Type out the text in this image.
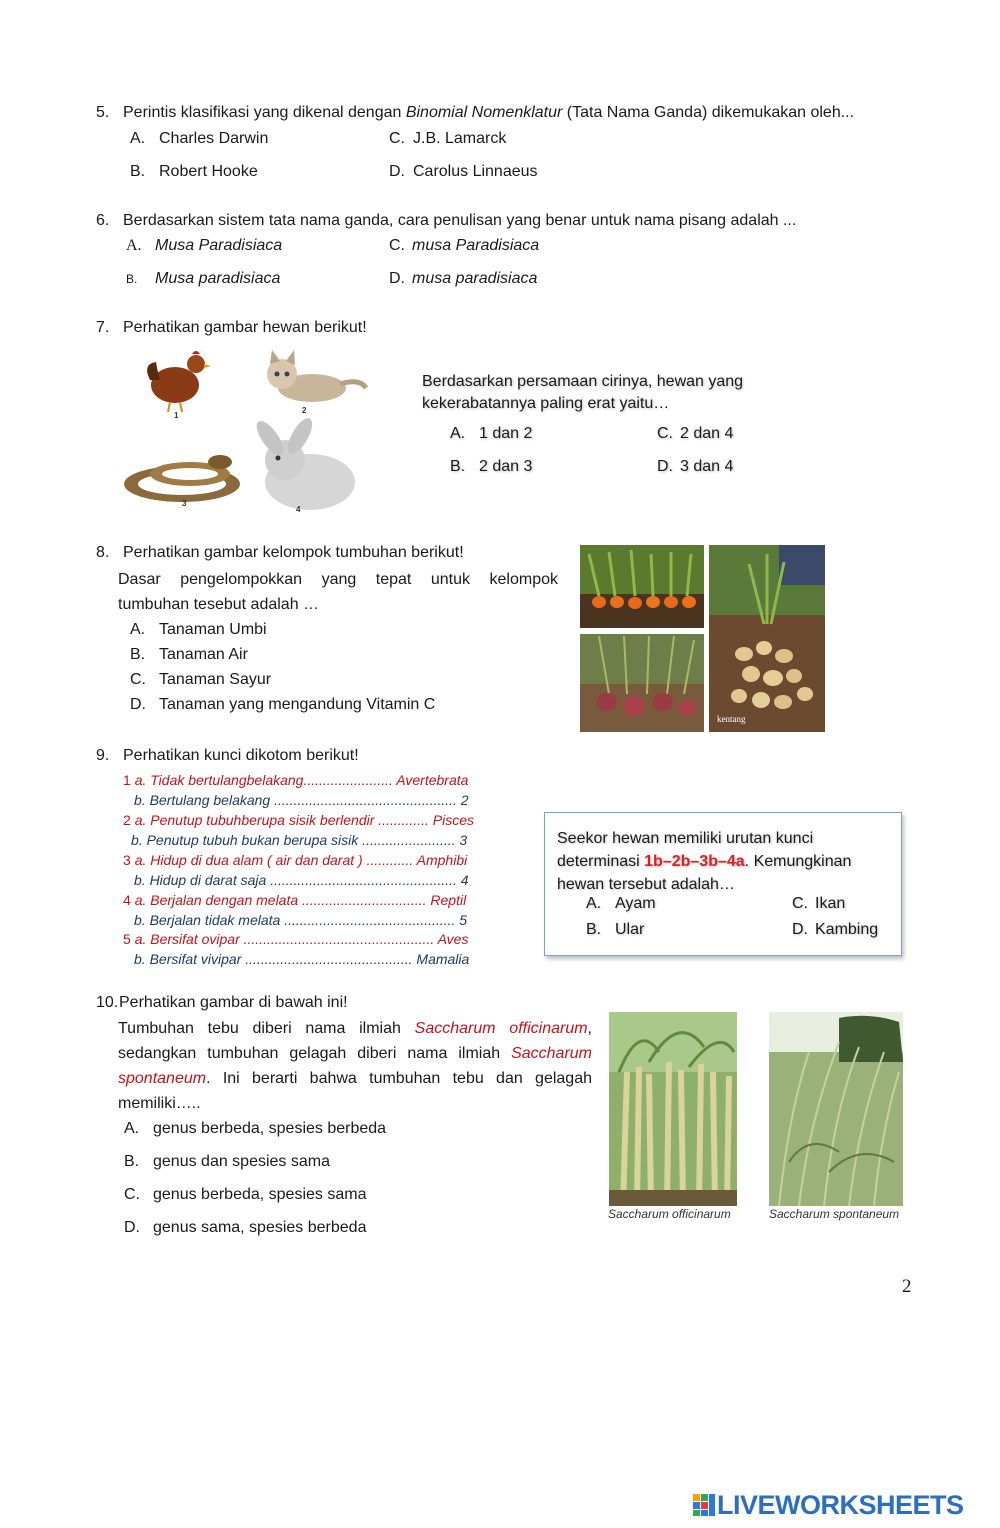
5. Perintis klasifikasi yang dikenal dengan Binomial Nomenklatur (Tata Nama Ganda) dikemukakan oleh...
A. Charles Darwin	C. J.B. Lamarck
B. Robert Hooke	D. Carolus Linnaeus
6. Berdasarkan sistem tata nama ganda, cara penulisan yang benar untuk nama pisang adalah ...
A. Musa Paradisiaca	C. musa Paradisiaca
B. Musa paradisiaca	D. musa paradisiaca
7. Perhatikan gambar hewan berikut!
1
2
3
4
Berdasarkan persamaan cirinya, hewan yang
kekerabatannya paling erat yaitu…
A. 1 dan 2	C. 2 dan 4
B. 2 dan 3	D. 3 dan 4
8. Perhatikan gambar kelompok tumbuhan berikut!
Dasar pengelompokkan yang tepat untuk kelompok
tumbuhan tesebut adalah …
A. Tanaman Umbi
B. Tanaman Air
C. Tanaman Sayur
D. Tanaman yang mengandung Vitamin C
kentang
9. Perhatikan kunci dikotom berikut!
1 a. Tidak bertulangbelakang....................... Avertebrata
b. Bertulang belakang ............................................... 2
2 a. Penutup tubuhberupa sisik berlendir ............. Pisces
b. Penutup tubuh bukan berupa sisik ........................ 3
3 a. Hidup di dua alam ( air dan darat ) ............ Amphibi
b. Hidup di darat saja ................................................ 4
4 a. Berjalan dengan melata ................................ Reptil
b. Berjalan tidak melata ............................................ 5
5 a. Bersifat ovipar ................................................. Aves
b. Bersifat vivipar ........................................... Mamalia
Seekor hewan memiliki urutan kunci
determinasi 1b–2b–3b–4a. Kemungkinan
hewan tersebut adalah…
A. Ayam	C. Ikan
B. Ular	D. Kambing
10.Perhatikan gambar di bawah ini!
Tumbuhan tebu diberi nama ilmiah Saccharum officinarum,
sedangkan tumbuhan gelagah diberi nama ilmiah Saccharum
spontaneum. Ini berarti bahwa tumbuhan tebu dan gelagah
memiliki…..
A. genus berbeda, spesies berbeda
B. genus dan spesies sama
C. genus berbeda, spesies sama
D. genus sama, spesies berbeda
Saccharum officinarum	Saccharum spontaneum
2
LIVEWORKSHEETS
